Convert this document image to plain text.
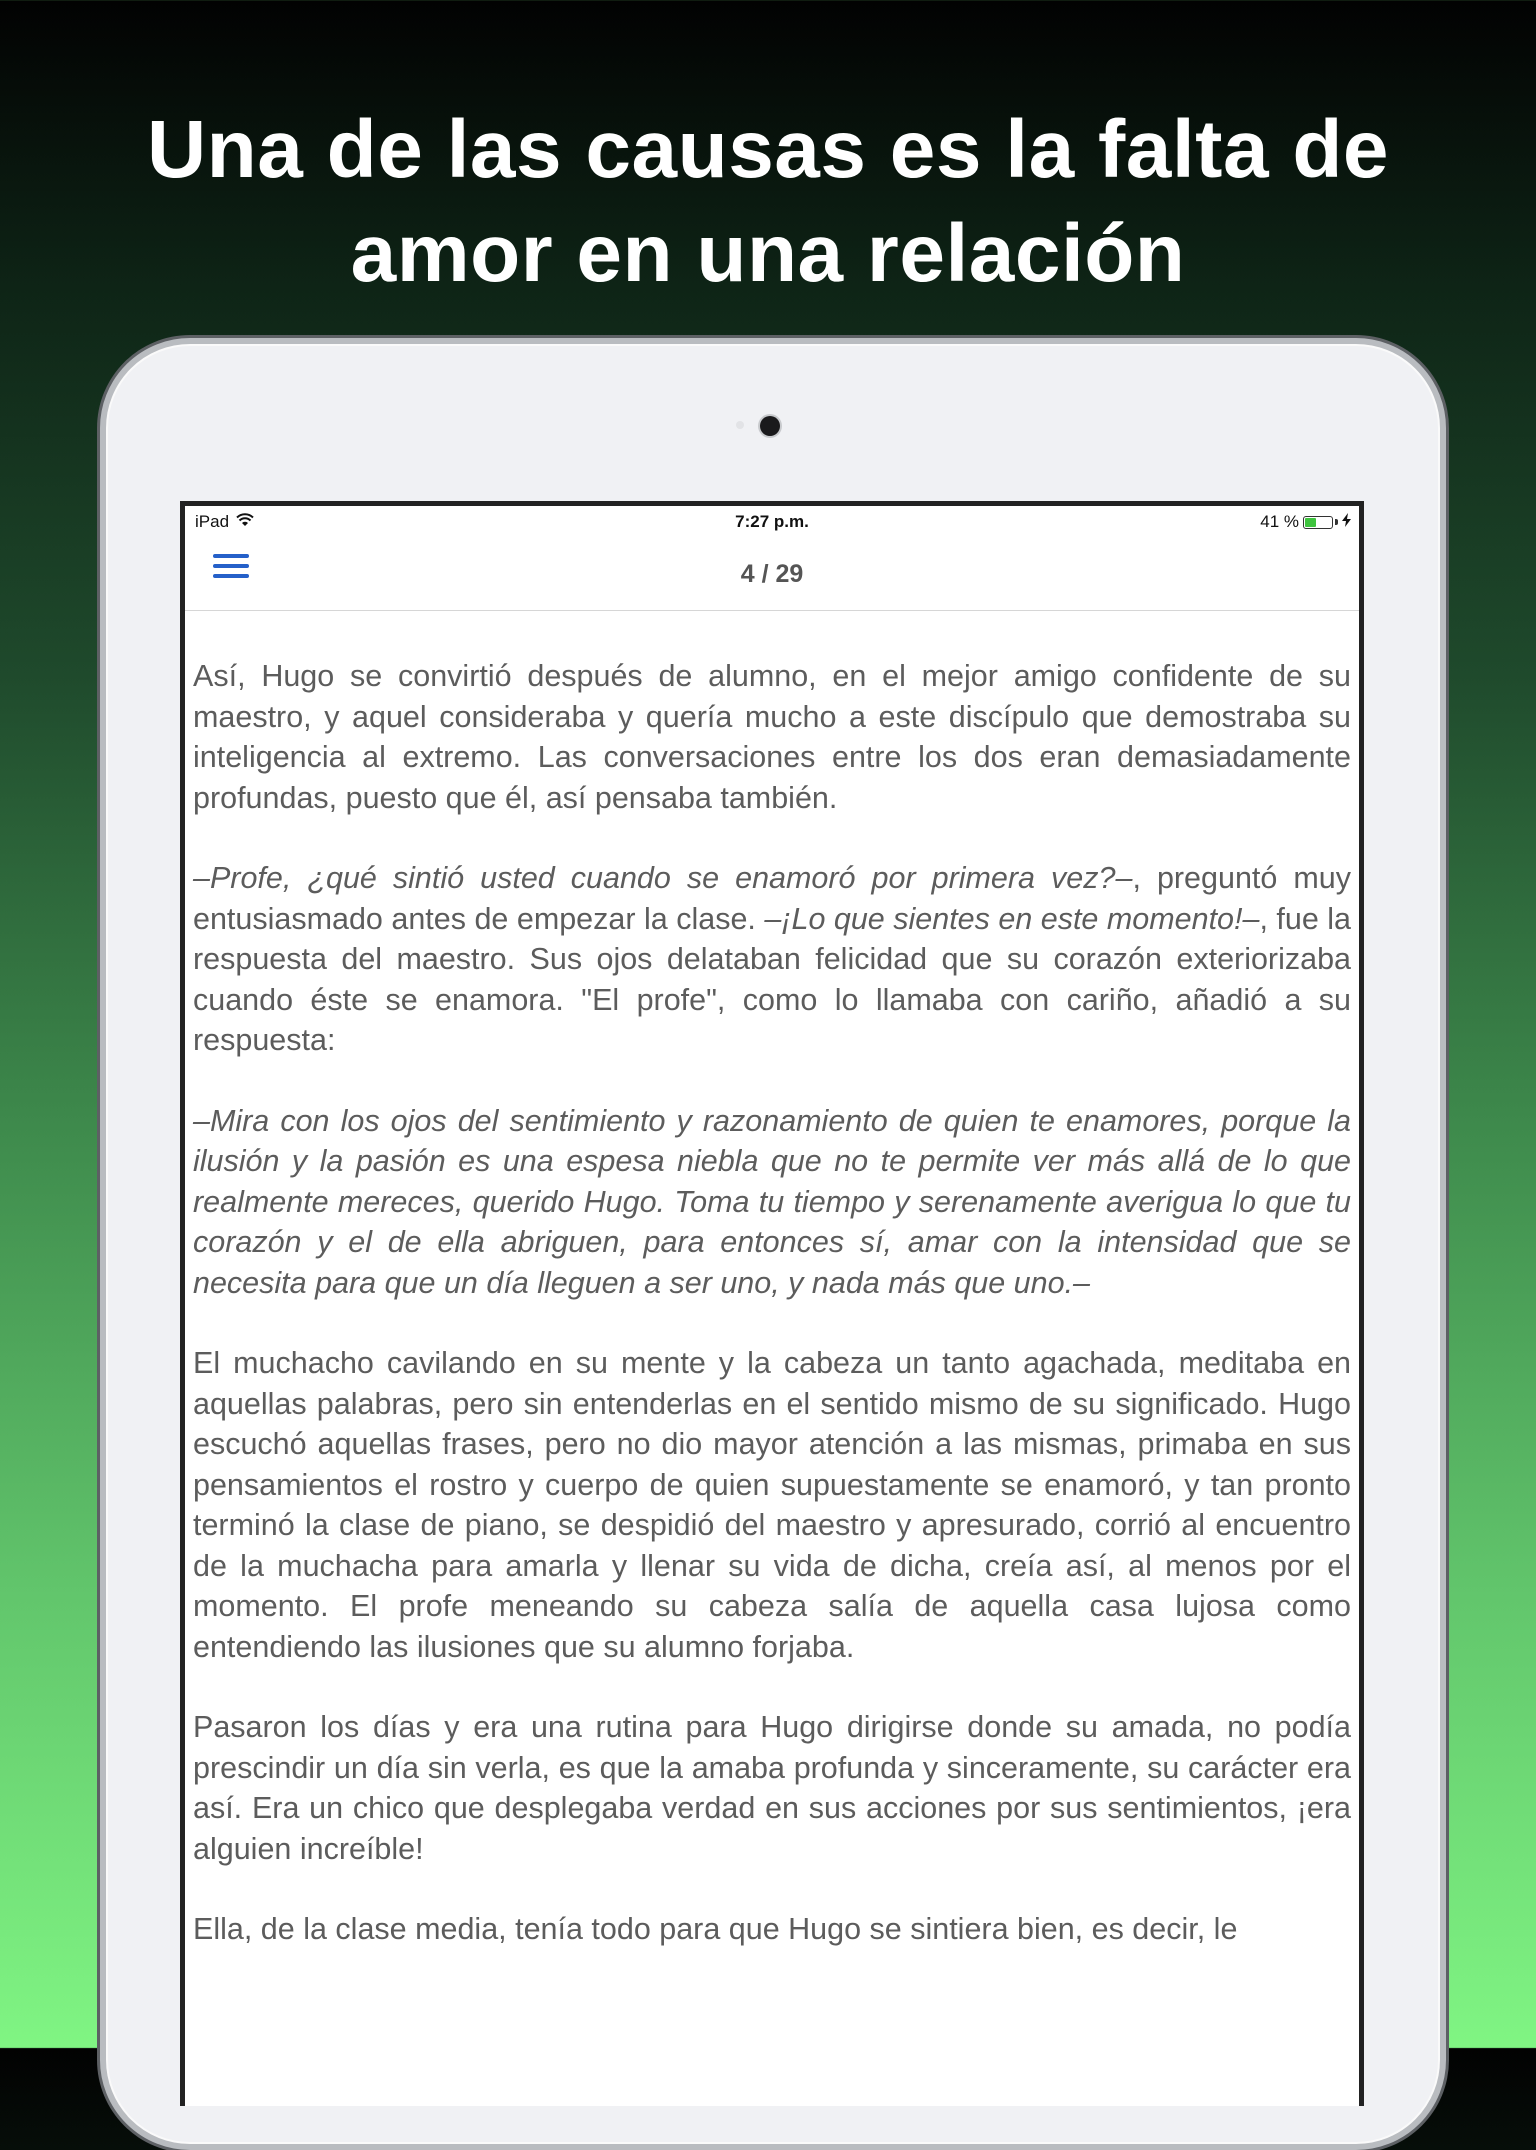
Una de las causas es la falta de amor en una relación
iPad	7:27 p.m.	41 %
4 / 29

Así, Hugo se convirtió después de alumno, en el mejor amigo confidente de su maestro, y aquel consideraba y quería mucho a este discípulo que demostraba su inteligencia al extremo. Las conversaciones entre los dos eran demasiadamente profundas, puesto que él, así pensaba también.

–Profe, ¿qué sintió usted cuando se enamoró por primera vez?–, preguntó muy entusiasmado antes de empezar la clase. –¡Lo que sientes en este momento!–, fue la respuesta del maestro. Sus ojos delataban felicidad que su corazón exteriorizaba cuando éste se enamora. "El profe", como lo llamaba con cariño, añadió a su respuesta:

–Mira con los ojos del sentimiento y razonamiento de quien te enamores, porque la ilusión y la pasión es una espesa niebla que no te permite ver más allá de lo que realmente mereces, querido Hugo. Toma tu tiempo y serenamente averigua lo que tu corazón y el de ella abriguen, para entonces sí, amar con la intensidad que se necesita para que un día lleguen a ser uno, y nada más que uno.–

El muchacho cavilando en su mente y la cabeza un tanto agachada, meditaba en aquellas palabras, pero sin entenderlas en el sentido mismo de su significado. Hugo escuchó aquellas frases, pero no dio mayor atención a las mismas, primaba en sus pensamientos el rostro y cuerpo de quien supuestamente se enamoró, y tan pronto terminó la clase de piano, se despidió del maestro y apresurado, corrió al encuentro de la muchacha para amarla y llenar su vida de dicha, creía así, al menos por el momento. El profe meneando su cabeza salía de aquella casa lujosa como entendiendo las ilusiones que su alumno forjaba.

Pasaron los días y era una rutina para Hugo dirigirse donde su amada, no podía prescindir un día sin verla, es que la amaba profunda y sinceramente, su carácter era así. Era un chico que desplegaba verdad en sus acciones por sus sentimientos, ¡era alguien increíble!

Ella, de la clase media, tenía todo para que Hugo se sintiera bien, es decir, le
